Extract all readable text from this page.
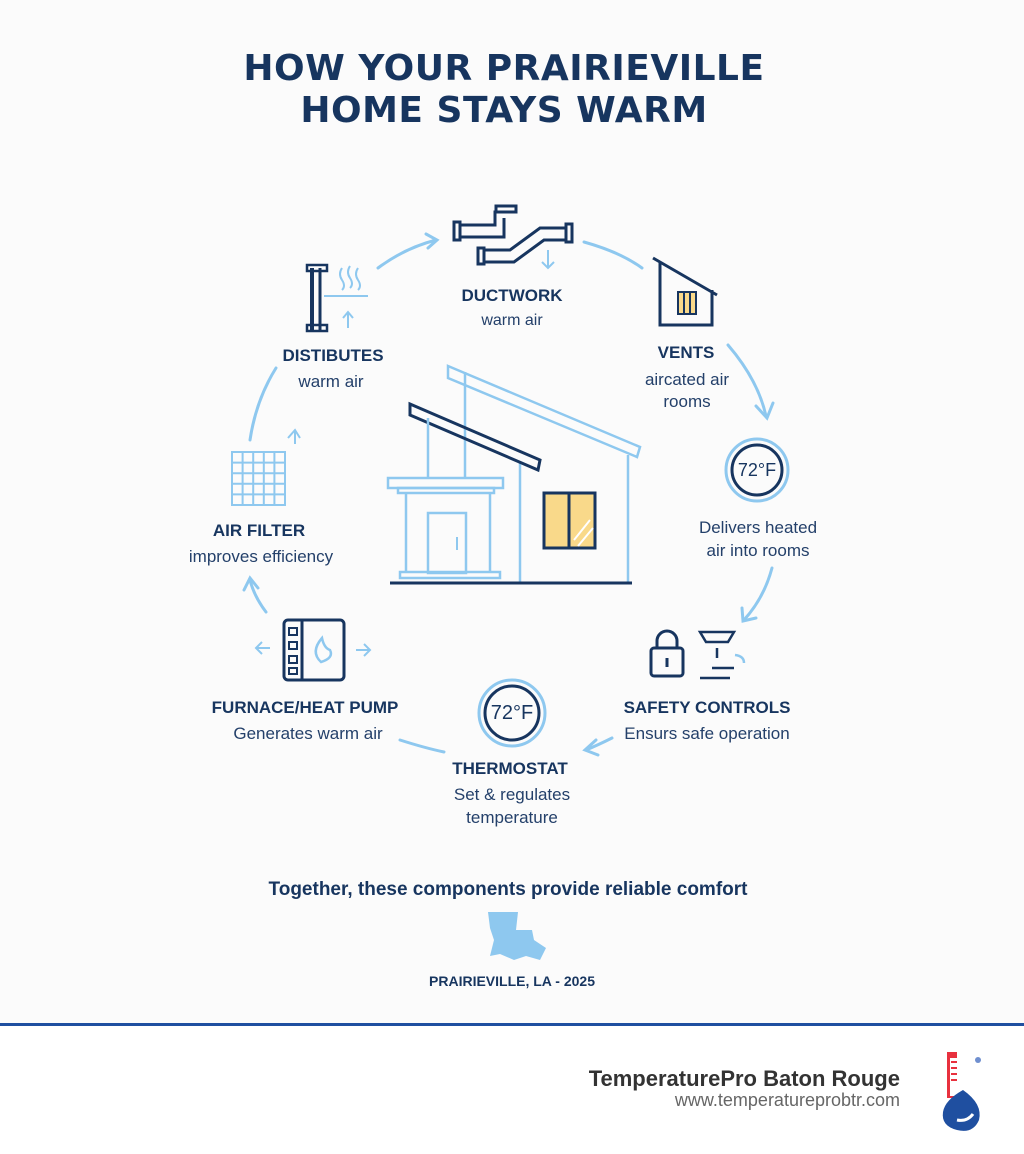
HOW YOUR PRAIRIEVILLE
HOME STAYS WARM
DUCTWORK
warm air
VENTS
aircated air
rooms
72°F
Delivers heated
air into rooms
SAFETY CONTROLS
Ensurs safe operation
72°F
THERMOSTAT
Set & regulates
temperature
FURNACE/HEAT PUMP
Generates warm air
AIR FILTER
improves efficiency
DISTIBUTES
warm air
Together, these components provide reliable comfort
PRAIRIEVILLE, LA - 2025
TemperaturePro Baton Rouge
www.temperatureprobtr.com
